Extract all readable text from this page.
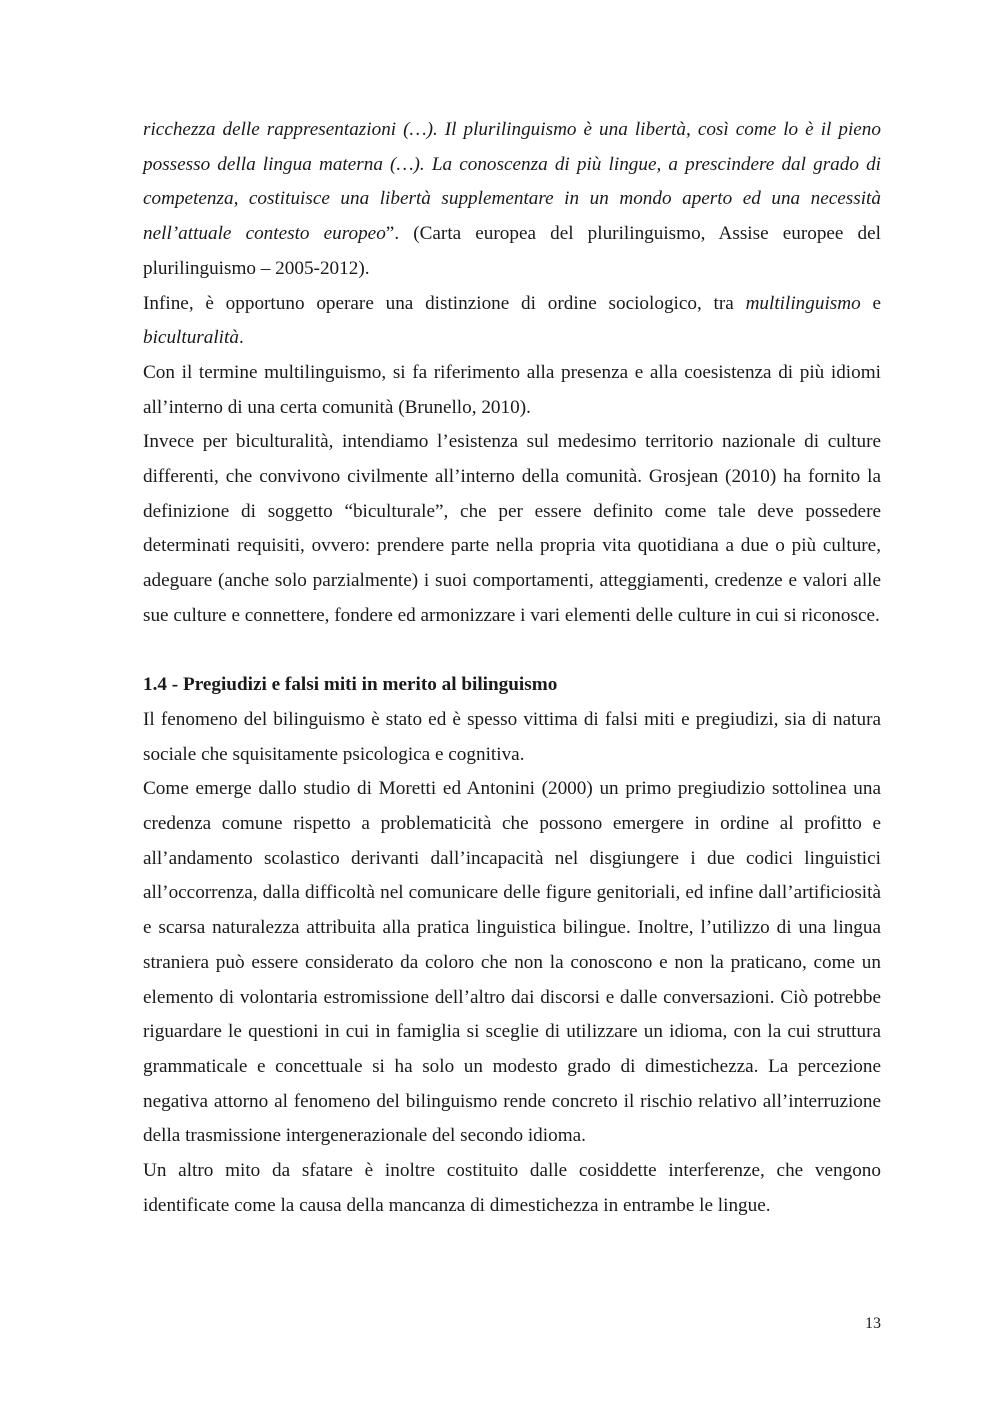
ricchezza delle rappresentazioni (…). Il plurilinguismo è una libertà, così come lo è il pieno possesso della lingua materna (…). La conoscenza di più lingue, a prescindere dal grado di competenza, costituisce una libertà supplementare in un mondo aperto ed una necessità nell’attuale contesto europeo”. (Carta europea del plurilinguismo, Assise europee del plurilinguismo – 2005-2012).

Infine, è opportuno operare una distinzione di ordine sociologico, tra multilinguismo e biculturalità.

Con il termine multilinguismo, si fa riferimento alla presenza e alla coesistenza di più idiomi all’interno di una certa comunità (Brunello, 2010).

Invece per biculturalità, intendiamo l’esistenza sul medesimo territorio nazionale di culture differenti, che convivono civilmente all’interno della comunità. Grosjean (2010) ha fornito la definizione di soggetto “biculturale”, che per essere definito come tale deve possedere determinati requisiti, ovvero: prendere parte nella propria vita quotidiana a due o più culture, adeguare (anche solo parzialmente) i suoi comportamenti, atteggiamenti, credenze e valori alle sue culture e connettere, fondere ed armonizzare i vari elementi delle culture in cui si riconosce.

1.4 - Pregiudizi e falsi miti in merito al bilinguismo

Il fenomeno del bilinguismo è stato ed è spesso vittima di falsi miti e pregiudizi, sia di natura sociale che squisitamente psicologica e cognitiva.

Come emerge dallo studio di Moretti ed Antonini (2000) un primo pregiudizio sottolinea una credenza comune rispetto a problematicità che possono emergere in ordine al profitto e all’andamento scolastico derivanti dall’incapacità nel disgiungere i due codici linguistici all’occorrenza, dalla difficoltà nel comunicare delle figure genitoriali, ed infine dall’artificiosità e scarsa naturalezza attribuita alla pratica linguistica bilingue. Inoltre, l’utilizzo di una lingua straniera può essere considerato da coloro che non la conoscono e non la praticano, come un elemento di volontaria estromissione dell’altro dai discorsi e dalle conversazioni. Ciò potrebbe riguardare le questioni in cui in famiglia si sceglie di utilizzare un idioma, con la cui struttura grammaticale e concettuale si ha solo un modesto grado di dimestichezza. La percezione negativa attorno al fenomeno del bilinguismo rende concreto il rischio relativo all’interruzione della trasmissione intergenerazionale del secondo idioma.

Un altro mito da sfatare è inoltre costituito dalle cosiddette interferenze, che vengono identificate come la causa della mancanza di dimestichezza in entrambe le lingue.

13
